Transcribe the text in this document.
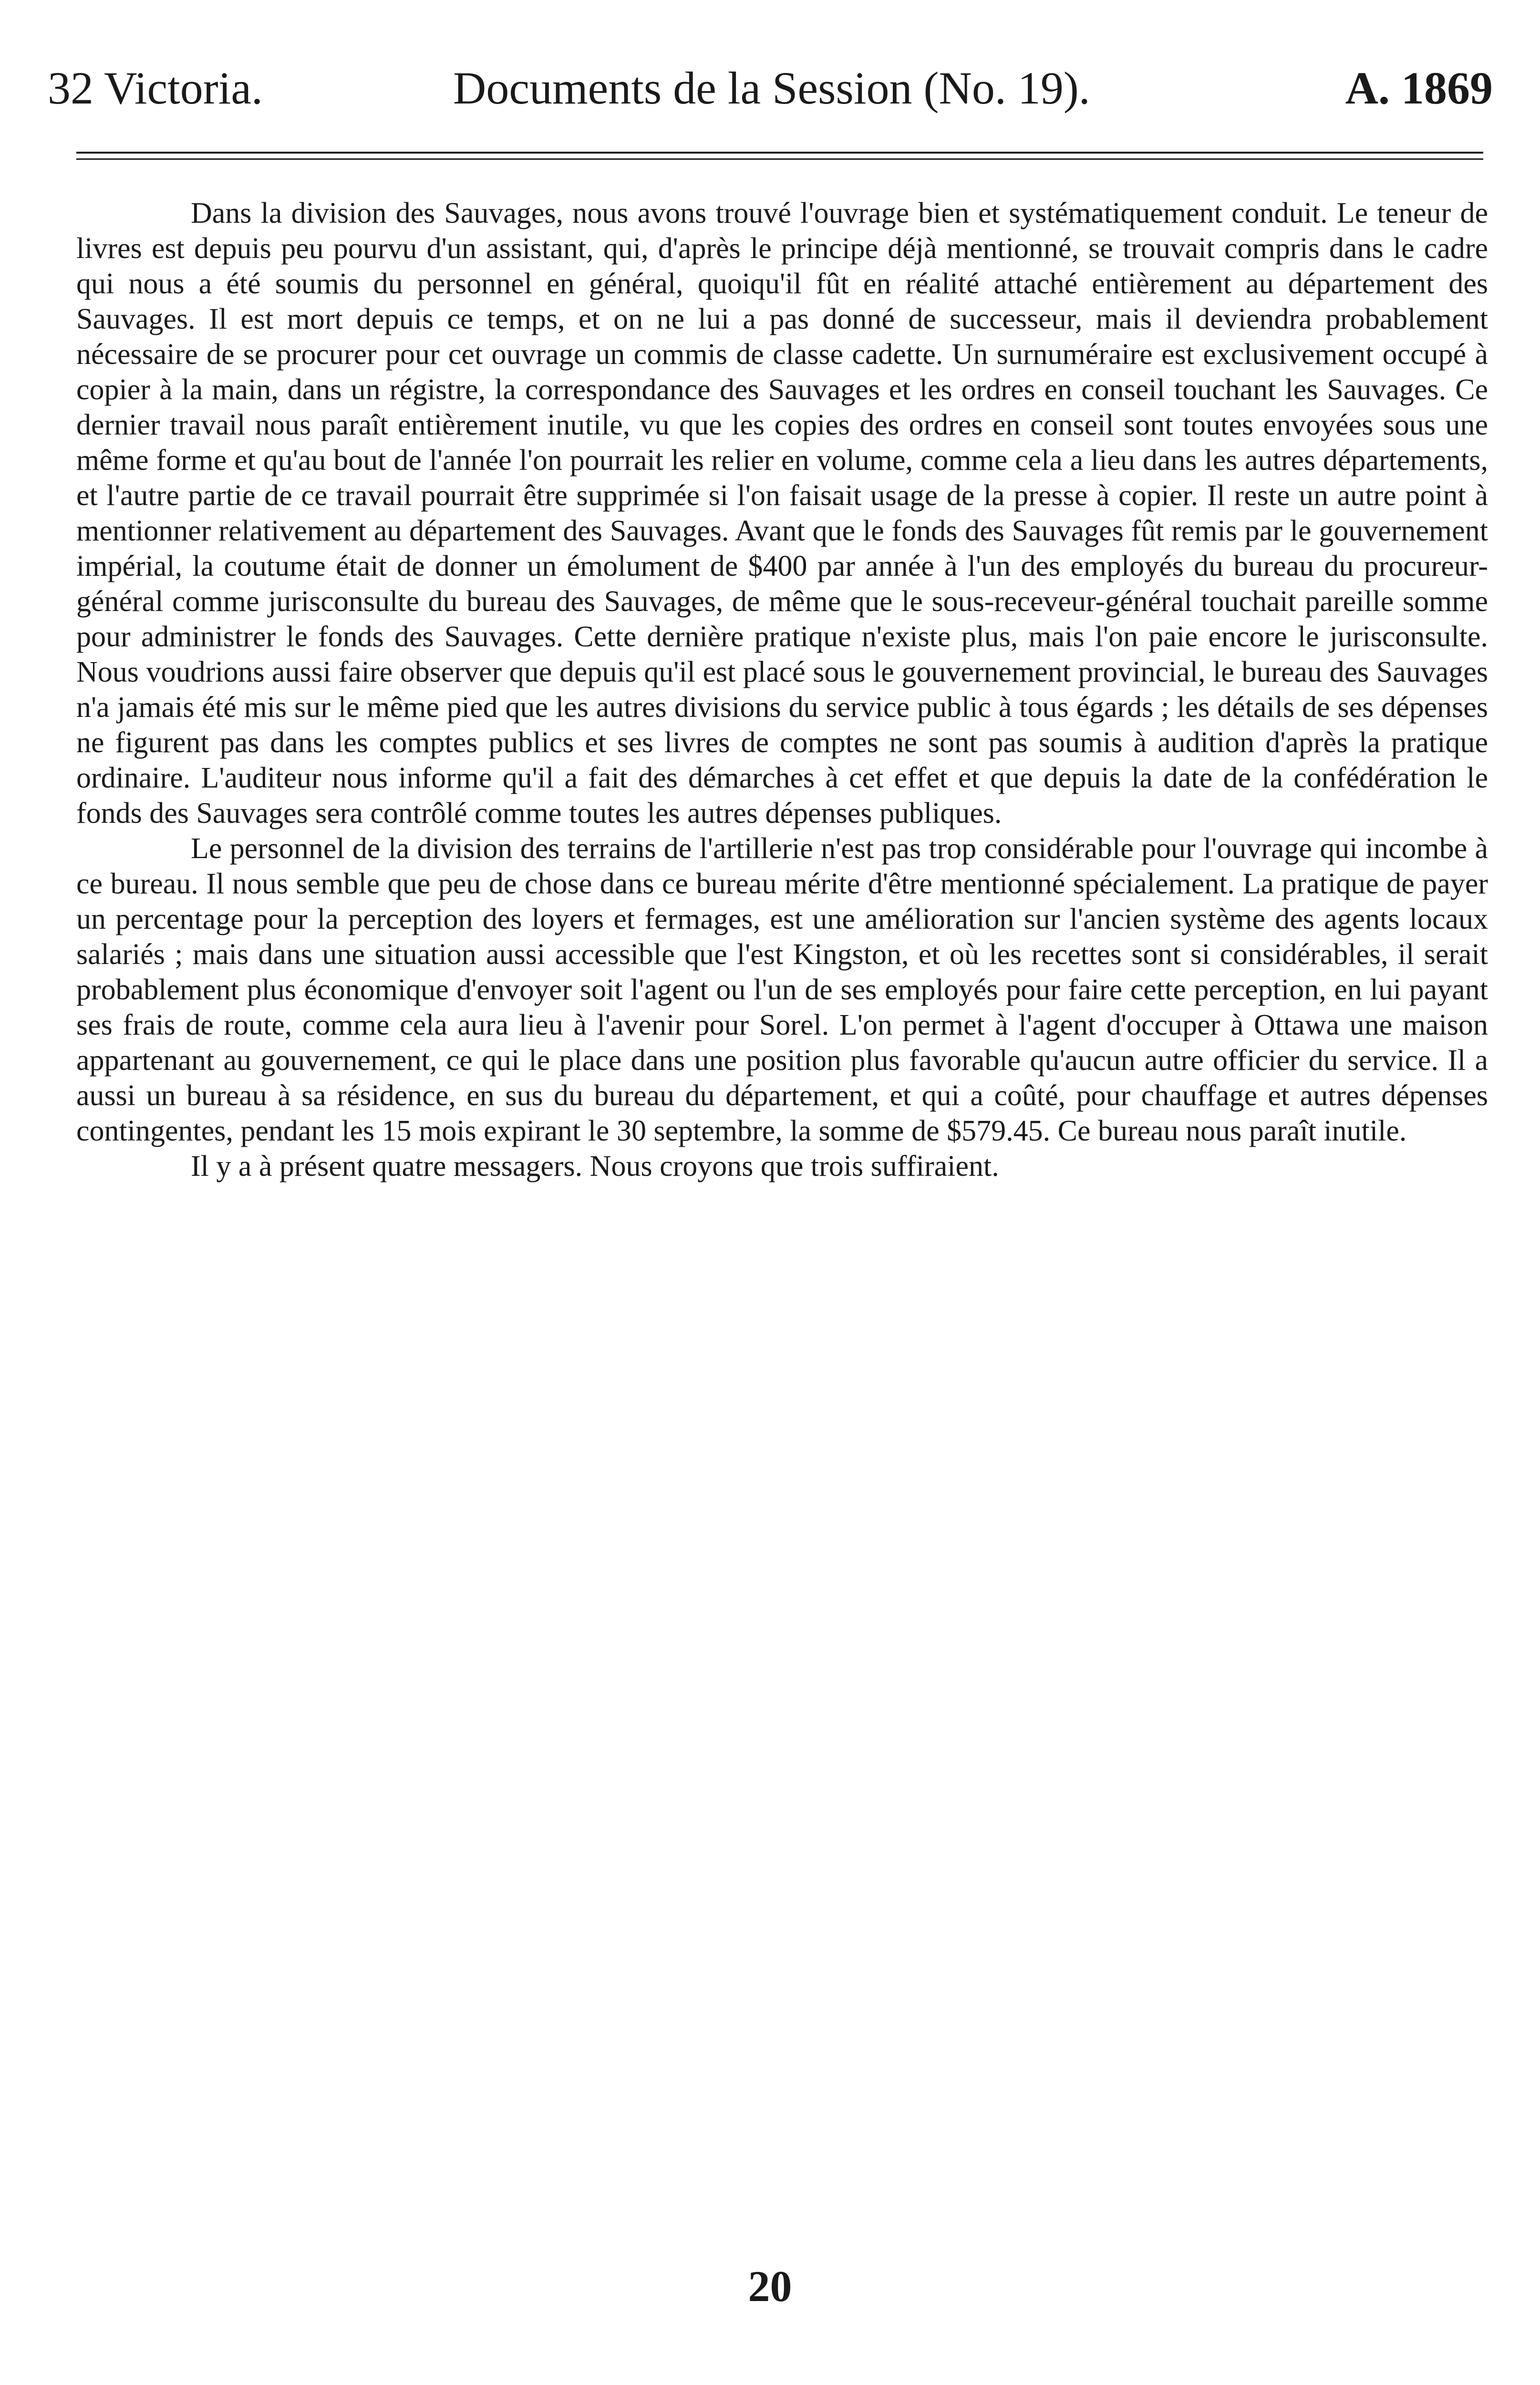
32 Victoria.	Documents de la Session (No. 19).	A. 1869

Dans la division des Sauvages, nous avons trouvé l'ouvrage bien et systématiquement conduit. Le teneur de livres est depuis peu pourvu d'un assistant, qui, d'après le principe déjà mentionné, se trouvait compris dans le cadre qui nous a été soumis du personnel en général, quoiqu'il fût en réalité attaché entièrement au département des Sauvages. Il est mort depuis ce temps, et on ne lui a pas donné de successeur, mais il deviendra probablement nécessaire de se procurer pour cet ouvrage un commis de classe cadette. Un surnuméraire est exclusivement occupé à copier à la main, dans un régistre, la correspondance des Sauvages et les ordres en conseil touchant les Sauvages. Ce dernier travail nous paraît entièrement inutile, vu que les copies des ordres en conseil sont toutes envoyées sous une même forme et qu'au bout de l'année l'on pourrait les relier en volume, comme cela a lieu dans les autres départements, et l'autre partie de ce travail pourrait être supprimée si l'on faisait usage de la presse à copier. Il reste un autre point à mentionner relativement au département des Sauvages. Avant que le fonds des Sauvages fût remis par le gouvernement impérial, la coutume était de donner un émolument de $400 par année à l'un des employés du bureau du procureur-général comme jurisconsulte du bureau des Sauvages, de même que le sous-receveur-général touchait pareille somme pour administrer le fonds des Sauvages. Cette dernière pratique n'existe plus, mais l'on paie encore le jurisconsulte. Nous voudrions aussi faire observer que depuis qu'il est placé sous le gouvernement provincial, le bureau des Sauvages n'a jamais été mis sur le même pied que les autres divisions du service public à tous égards ; les détails de ses dépenses ne figurent pas dans les comptes publics et ses livres de comptes ne sont pas soumis à audition d'après la pratique ordinaire. L'auditeur nous informe qu'il a fait des démarches à cet effet et que depuis la date de la confédération le fonds des Sauvages sera contrôlé comme toutes les autres dépenses publiques.

Le personnel de la division des terrains de l'artillerie n'est pas trop considérable pour l'ouvrage qui incombe à ce bureau. Il nous semble que peu de chose dans ce bureau mérite d'être mentionné spécialement. La pratique de payer un percentage pour la perception des loyers et fermages, est une amélioration sur l'ancien système des agents locaux salariés ; mais dans une situation aussi accessible que l'est Kingston, et où les recettes sont si considérables, il serait probablement plus économique d'envoyer soit l'agent ou l'un de ses employés pour faire cette perception, en lui payant ses frais de route, comme cela aura lieu à l'avenir pour Sorel. L'on permet à l'agent d'occuper à Ottawa une maison appartenant au gouvernement, ce qui le place dans une position plus favorable qu'aucun autre officier du service. Il a aussi un bureau à sa résidence, en sus du bureau du département, et qui a coûté, pour chauffage et autres dépenses contingentes, pendant les 15 mois expirant le 30 septembre, la somme de $579.45. Ce bureau nous paraît inutile.

Il y a à présent quatre messagers. Nous croyons que trois suffiraient.

20
